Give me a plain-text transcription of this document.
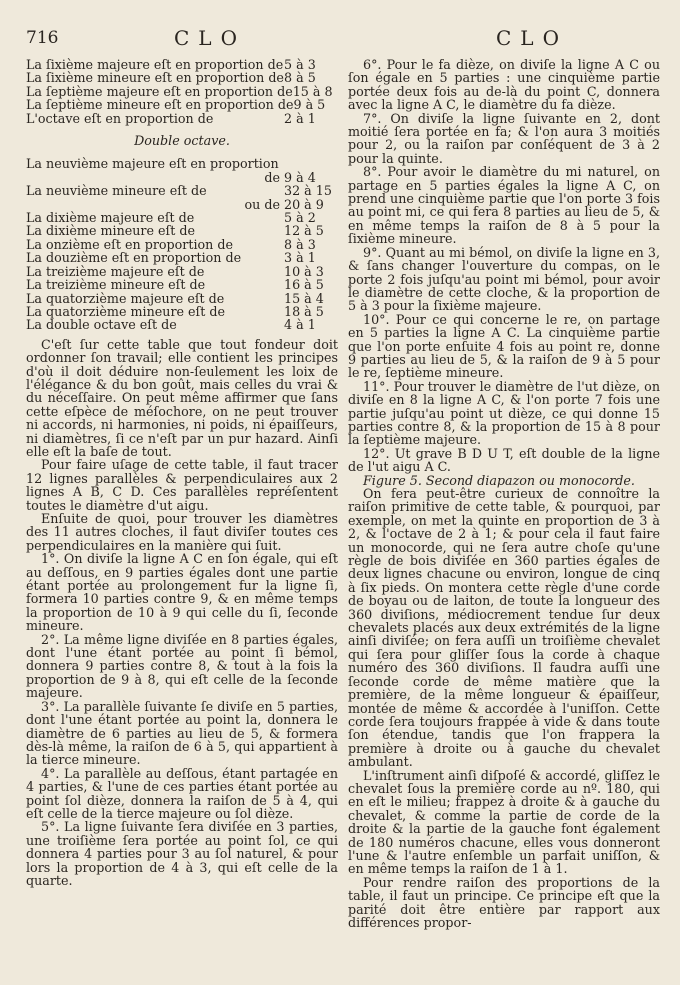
716	CLO	CLO
La ſixième majeure eſt en proportion de 5 à 3
La ſixième mineure eſt en proportion de 8 à 5
La ſeptième majeure eſt en proportion de 15 à 8
La ſeptième mineure eſt en proportion de 9 à 5
L'octave eſt en proportion de	2 à 1
Double octave.
La neuvième majeure eſt en proportion
de 9 à 4
La neuvième mineure eſt de	32 à 15
ou de 20 à 9
La dixième majeure eſt de	5 à 2
La dixième mineure eſt de	12 à 5
La onzième eſt en proportion de	8 à 3
La douzième eſt en proportion de	3 à 1
La treizième majeure eſt de	10 à 3
La treizième mineure eſt de	16 à 5
La quatorzième majeure eſt de	15 à 4
La quatorzième mineure eſt de	18 à 5
La double octave eſt de	4 à 1

C'eſt ſur cette table que tout fondeur doit ordonner ſon travail; elle contient les principes d'où il doit déduire non-ſeulement les loix de l'élégance & du bon goût, mais celles du vrai & du néceſſaire. On peut même affirmer que ſans cette eſpèce de méſochore, on ne peut trouver ni accords, ni harmonies, ni poids, ni épaiſſeurs, ni diamètres, ſi ce n'eſt par un pur hazard. Ainſi elle eſt la baſe de tout.

Pour faire uſage de cette table, il faut tracer 12 lignes parallèles & perpendiculaires aux 2 lignes A B, C D. Ces parallèles repréſentent toutes le diamètre d'ut aigu.

Enſuite de quoi, pour trouver les diamètres des 11 autres cloches, il faut diviſer toutes ces perpendiculaires en la manière qui ſuit.

1°. On diviſe la ligne A C en ſon égale, qui eſt au deſſous, en 9 parties égales dont une partie étant portée au prolongement fur la ligne ſi, formera 10 parties contre 9, & en même temps la proportion de 10 à 9 qui celle du ſi, ſeconde mineure.

2°. La même ligne diviſée en 8 parties égales, dont l'une étant portée au point ſi bémol, donnera 9 parties contre 8, & tout à la fois la proportion de 9 à 8, qui eſt celle de la ſeconde majeure.

3°. La parallèle ſuivante ſe diviſe en 5 parties, dont l'une étant portée au point la, donnera le diamètre de 6 parties au lieu de 5, & formera dès-là même, la raiſon de 6 à 5, qui appartient à la tierce mineure.

4°. La parallèle au deſſous, étant partagée en 4 parties, & l'une de ces parties étant portée au point ſol dièze, donnera la raiſon de 5 à 4, qui eſt celle de la tierce majeure ou ſol dièze.

5°. La ligne ſuivante ſera diviſée en 3 parties, une troiſième ſera portée au point ſol, ce qui donnera 4 parties pour 3 au ſol naturel, & pour lors la proportion de 4 à 3, qui eſt celle de la quarte.

6°. Pour le fa dièze, on diviſe la ligne A C ou ſon égale en 5 parties : une cinquième partie portée deux fois au de-là du point C, donnera avec la ligne A C, le diamètre du fa dièze.

7°. On diviſe la ligne ſuivante en 2, dont moitié ſera portée en fa; & l'on aura 3 moitiés pour 2, ou la raiſon par conſéquent de 3 à 2 pour la quinte.

8°. Pour avoir le diamètre du mi naturel, on partage en 5 parties égales la ligne A C, on prend une cinquième partie que l'on porte 3 fois au point mi, ce qui fera 8 parties au lieu de 5, & en même temps la raiſon de 8 à 5 pour la ſixième mineure.

9°. Quant au mi bémol, on diviſe la ligne en 3, & ſans changer l'ouverture du compas, on le porte 2 fois juſqu'au point mi bémol, pour avoir le diamètre de cette cloche, & la proportion de 5 à 3 pour la ſixième majeure.

10°. Pour ce qui concerne le re, on partage en 5 parties la ligne A C. La cinquième partie que l'on porte enſuite 4 fois au point re, donne 9 parties au lieu de 5, & la raiſon de 9 à 5 pour le re, ſeptième mineure.

11°. Pour trouver le diamètre de l'ut dièze, on diviſe en 8 la ligne A C, & l'on porte 7 fois une partie juſqu'au point ut dièze, ce qui donne 15 parties contre 8, & la proportion de 15 à 8 pour la ſeptième majeure.

12°. Ut grave B D U T, eſt double de la ligne de l'ut aigu A C.

Figure 5. Second diapazon ou monocorde.

On fera peut-être curieux de connoître la raiſon primitive de cette table, & pourquoi, par exemple, on met la quinte en proportion de 3 à 2, & l'octave de 2 à 1; & pour cela il faut faire un monocorde, qui ne ſera autre choſe qu'une règle de bois diviſée en 360 parties égales de deux lignes chacune ou environ, longue de cinq à ſix pieds. On montera cette règle d'une corde de boyau ou de laiton, de toute la longueur des 360 diviſions, médiocrement tendue ſur deux chevalets placés aux deux extrémités de la ligne ainſi diviſée; on fera auſſi un troiſième chevalet qui ſera pour gliſſer ſous la corde à chaque numéro des 360 diviſions. Il faudra auſſi une ſeconde corde de même matière que la première, de la même longueur & épaiſſeur, montée de même & accordée à l'uniſſon. Cette corde ſera toujours frappée à vide & dans toute ſon étendue, tandis que l'on frappera la première à droite ou à gauche du chevalet ambulant.

L'inſtrument ainſi diſpoſé & accordé, gliſſez le chevalet ſous la première corde au nº. 180, qui en eſt le milieu; frappez à droite & à gauche du chevalet, & comme la partie de corde de la droite & la partie de la gauche font également de 180 numéros chacune, elles vous donneront l'une & l'autre enſemble un parfait uniſſon, & en même temps la raiſon de 1 à 1.

Pour rendre raiſon des proportions de la table, il faut un principe. Ce principe eſt que la parité doit être entière par rapport aux différences propor-
